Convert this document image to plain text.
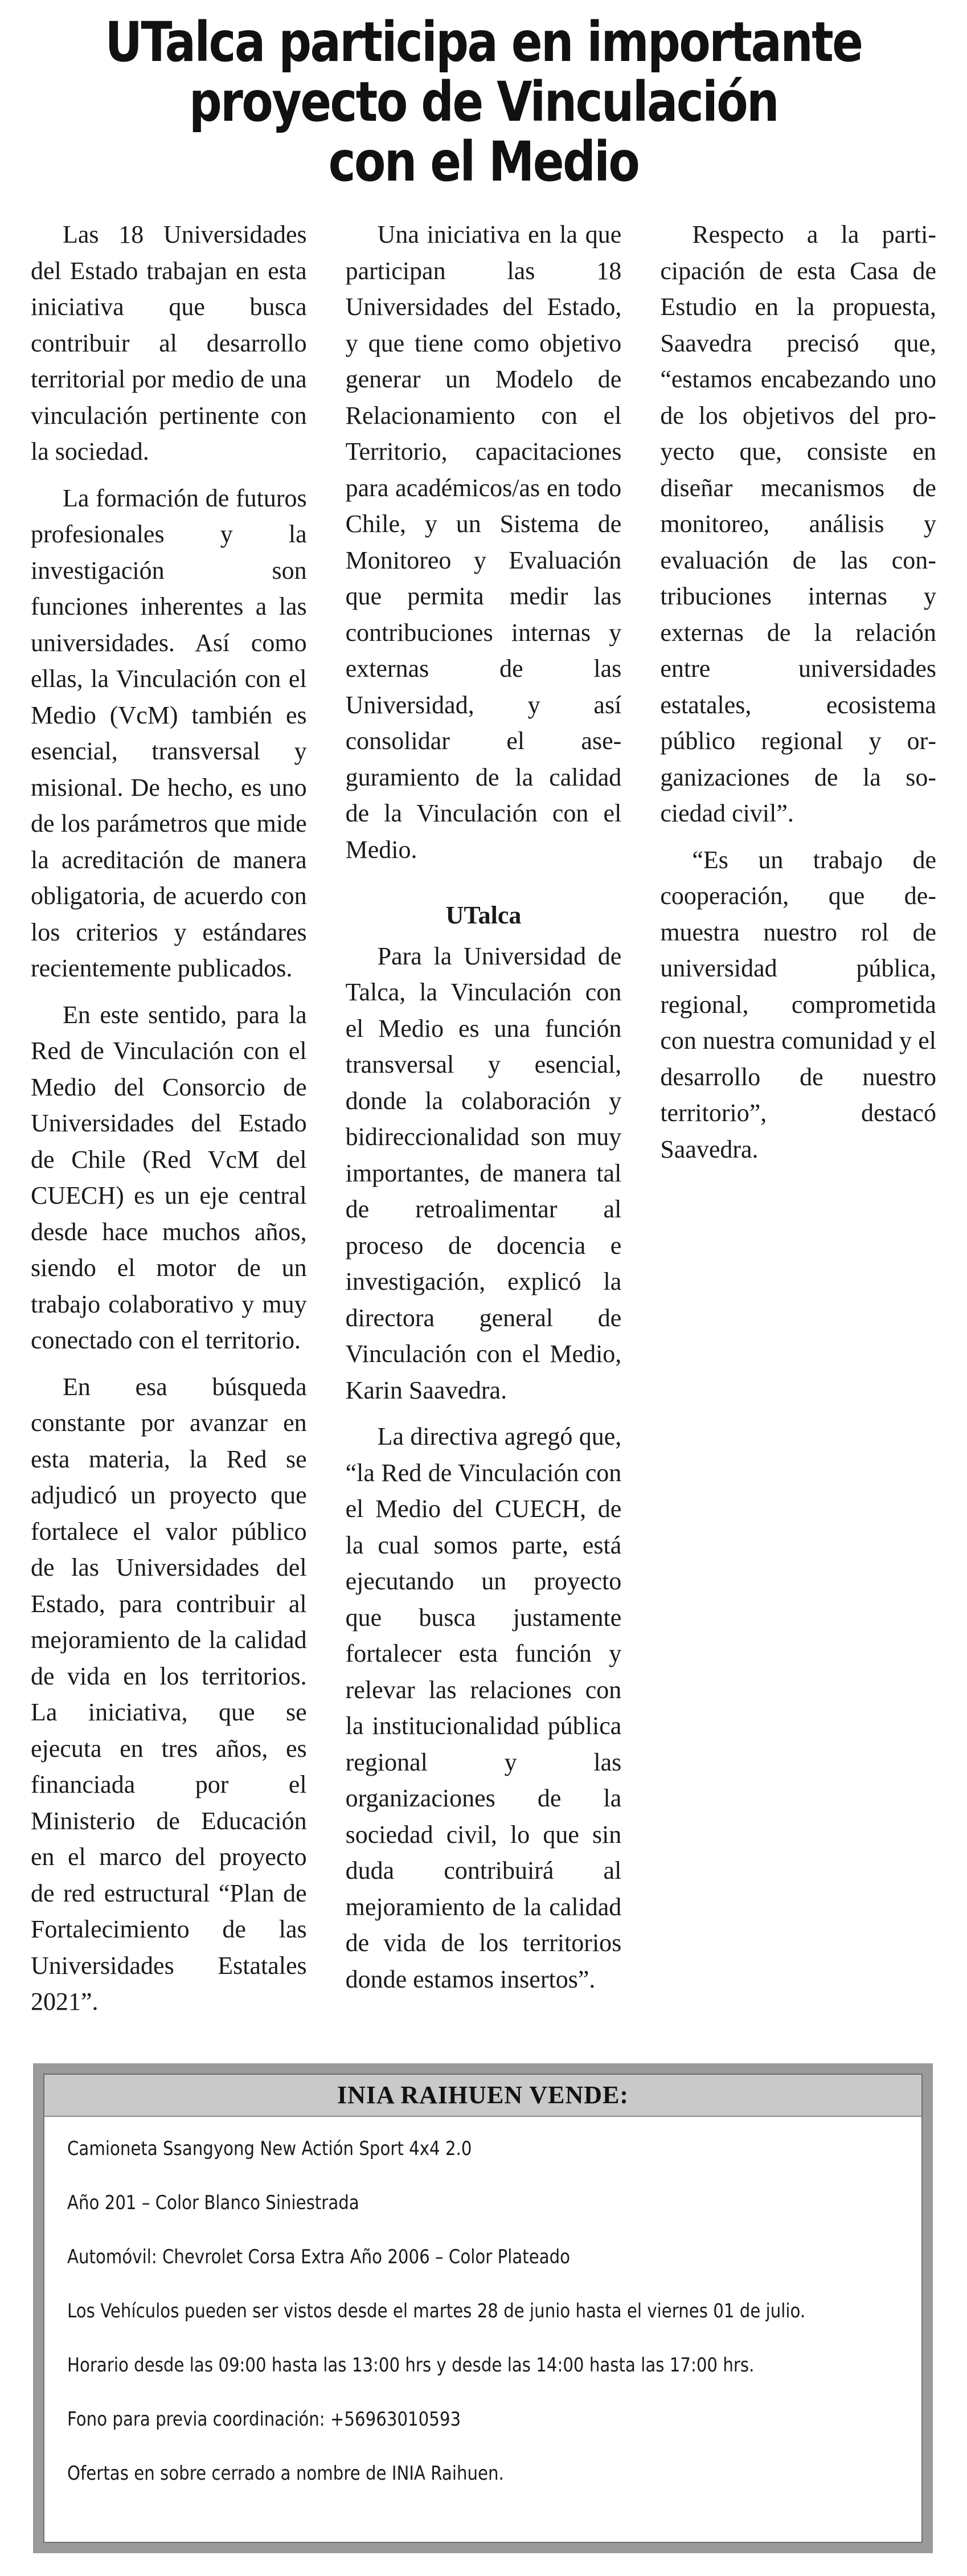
UTalca participa en importante
proyecto de Vinculación
con el Medio

Las 18 Universidades del Estado trabajan en esta iniciativa que busca contribuir al desarrollo territorial por medio de una vinculación pertinente con la sociedad.

La formación de futuros profesionales y la investigación son funciones inherentes a las universidades. Así como ellas, la Vinculación con el Medio (VcM) también es esencial, transversal y misional. De hecho, es uno de los parámetros que mide la acreditación de manera obligatoria, de acuerdo con los criterios y estándares recientemente publicados.

En este sentido, para la Red de Vinculación con el Medio del Consorcio de Universidades del Estado de Chile (Red VcM del CUECH) es un eje central desde hace muchos años, siendo el motor de un trabajo colaborativo y muy conectado con el territorio.

En esa búsqueda constante por avanzar en esta materia, la Red se adjudicó un proyecto que fortalece el valor público de las Universidades del Estado, para contribuir al mejoramiento de la calidad de vida en los territorios. La iniciativa, que se ejecuta en tres años, es financiada por el Ministerio de Educación en el marco del proyecto de red estructural “Plan de Fortalecimiento de las Universidades Estatales 2021”.

Una iniciativa en la que participan las 18 Universidades del Estado, y que tiene como objetivo generar un Modelo de Relacionamiento con el Territorio, capacitaciones para académicos/as en todo Chile, y un Sistema de Monitoreo y Evaluación que permita medir las contribuciones internas y externas de las Universidad, y así consolidar el aseguramiento de la calidad de la Vinculación con el Medio.

UTalca

Para la Universidad de Talca, la Vinculación con el Medio es una función transversal y esencial, donde la colaboración y bidireccionalidad son muy importantes, de manera tal de retroalimentar al proceso de docencia e investigación, explicó la directora general de Vinculación con el Medio, Karin Saavedra.

La directiva agregó que, “la Red de Vinculación con el Medio del CUECH, de la cual somos parte, está ejecutando un proyecto que busca justamente fortalecer esta función y relevar las relaciones con la institucionalidad pública regional y las organizaciones de la sociedad civil, lo que sin duda contribuirá al mejoramiento de la calidad de vida de los territorios donde estamos insertos”.

Respecto a la participación de esta Casa de Estudio en la propuesta, Saavedra precisó que, “estamos encabezando uno de los objetivos del proyecto que, consiste en diseñar mecanismos de monitoreo, análisis y evaluación de las contribuciones internas y externas de la relación entre universidades estatales, ecosistema público regional y organizaciones de la sociedad civil”.

“Es un trabajo de cooperación, que demuestra nuestro rol de universidad pública, regional, comprometida con nuestra comunidad y el desarrollo de nuestro territorio”, destacó Saavedra.

INIA RAIHUEN VENDE:
Camioneta Ssangyong New Actión Sport 4x4 2.0
Año 201 – Color Blanco Siniestrada
Automóvil: Chevrolet Corsa Extra Año 2006 – Color Plateado
Los Vehículos pueden ser vistos desde el martes 28 de junio hasta el viernes 01 de julio.
Horario desde las 09:00 hasta las 13:00 hrs y desde las 14:00 hasta las 17:00 hrs.
Fono para previa coordinación: +56963010593
Ofertas en sobre cerrado a nombre de INIA Raihuen.
